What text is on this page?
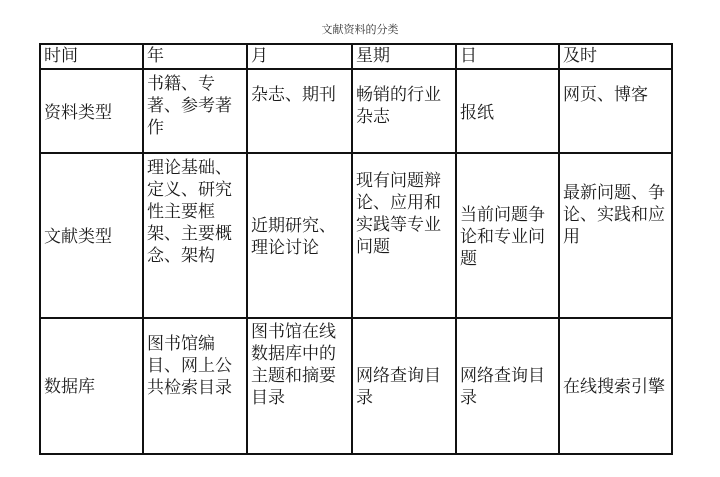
文献资料的分类
时间	年	月	星期	日	及时

资料类型	书籍、专著、参考著作	杂志、期刊	畅销的行业杂志	报纸	网页、博客

文献类型	理论基础、定义、研究性主要框架、主要概念、架构	近期研究、理论讨论	现有问题辩论、应用和实践等专业问题	当前问题争论和专业问题	最新问题、争论、实践和应用

数据库	图书馆编目、网上公共检索目录	图书馆在线数据库中的主题和摘要目录	网络查询目录	网络查询目录	在线搜索引擎
